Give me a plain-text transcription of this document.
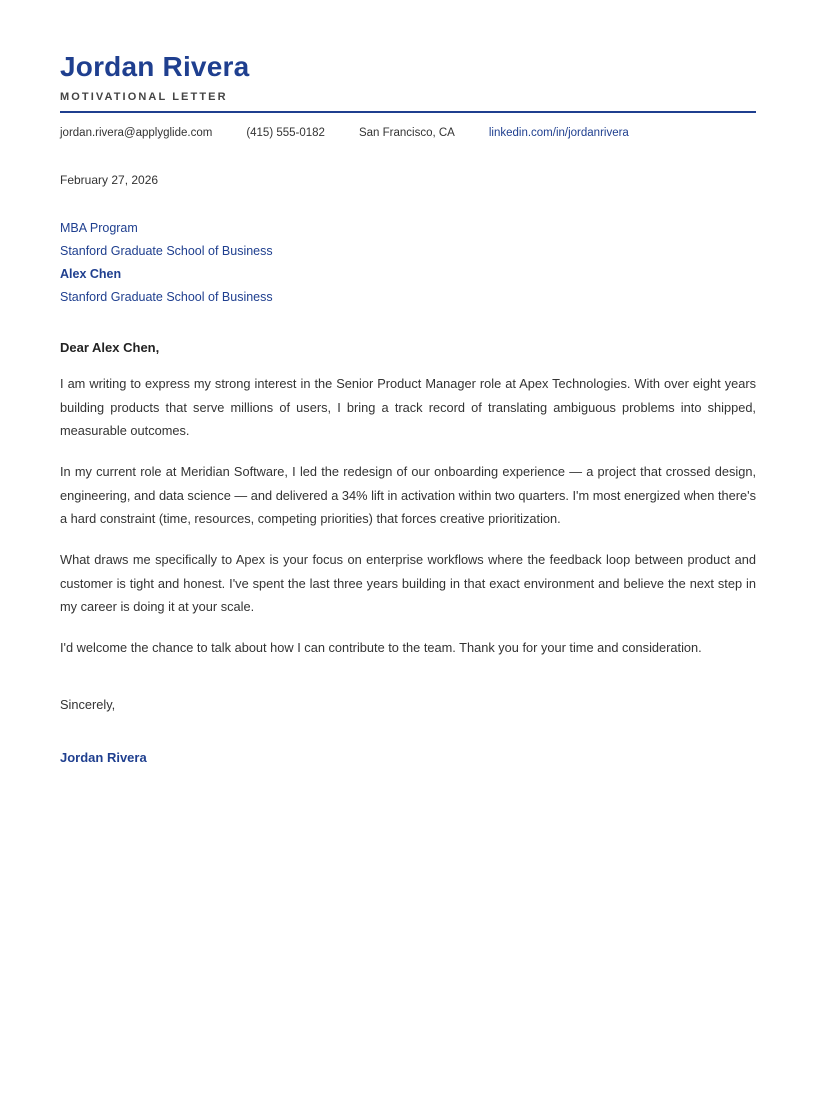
Jordan Rivera
MOTIVATIONAL LETTER
jordan.rivera@applyglide.com	(415) 555-0182	San Francisco, CA	linkedin.com/in/jordanrivera
February 27, 2026
MBA Program
Stanford Graduate School of Business
Alex Chen
Stanford Graduate School of Business
Dear Alex Chen,

I am writing to express my strong interest in the Senior Product Manager role at Apex Technologies. With over eight years building products that serve millions of users, I bring a track record of translating ambiguous problems into shipped, measurable outcomes.

In my current role at Meridian Software, I led the redesign of our onboarding experience — a project that crossed design, engineering, and data science — and delivered a 34% lift in activation within two quarters. I'm most energized when there's a hard constraint (time, resources, competing priorities) that forces creative prioritization.

What draws me specifically to Apex is your focus on enterprise workflows where the feedback loop between product and customer is tight and honest. I've spent the last three years building in that exact environment and believe the next step in my career is doing it at your scale.

I'd welcome the chance to talk about how I can contribute to the team. Thank you for your time and consideration.

Sincerely,
Jordan Rivera
